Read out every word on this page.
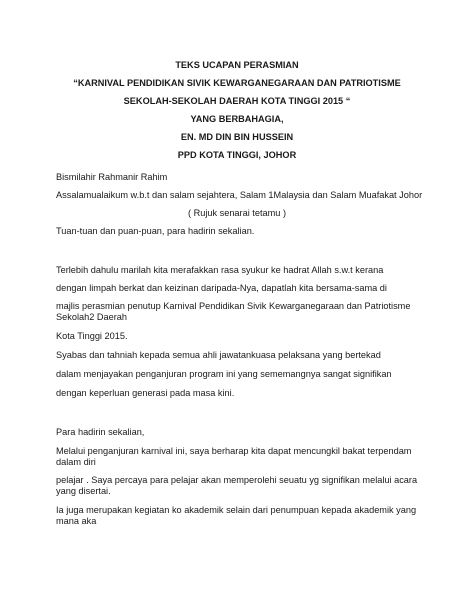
TEKS UCAPAN PERASMIAN
“KARNIVAL PENDIDIKAN SIVIK KEWARGANEGARAAN DAN PATRIOTISME
SEKOLAH-SEKOLAH DAERAH KOTA TINGGI 2015 “
YANG BERBAHAGIA,
EN. MD DIN BIN HUSSEIN
PPD KOTA TINGGI, JOHOR
Bismilahir Rahmanir Rahim
Assalamualaikum w.b.t dan salam sejahtera, Salam 1Malaysia dan Salam Muafakat Johor
( Rujuk senarai tetamu )
Tuan-tuan dan puan-puan, para hadirin sekalian.
Terlebih dahulu marilah kita merafakkan rasa syukur ke hadrat Allah s.w.t kerana
dengan limpah berkat dan keizinan daripada-Nya, dapatlah kita bersama-sama di
majlis perasmian penutup Karnival Pendidikan Sivik Kewarganegaraan dan Patriotisme Sekolah2 Daerah
Kota Tinggi 2015.
Syabas dan tahniah kepada semua ahli jawatankuasa pelaksana yang bertekad
dalam menjayakan penganjuran program ini yang sememangnya sangat signifikan
dengan keperluan generasi pada masa kini.
Para hadirin sekalian,
Melalui penganjuran karnival ini, saya berharap kita dapat mencungkil bakat terpendam dalam diri
pelajar . Saya percaya para pelajar akan memperolehi seuatu yg signifikan melalui acara yang disertai.
Ia juga merupakan kegiatan ko akademik selain dari penumpuan kepada akademik yang mana aka
